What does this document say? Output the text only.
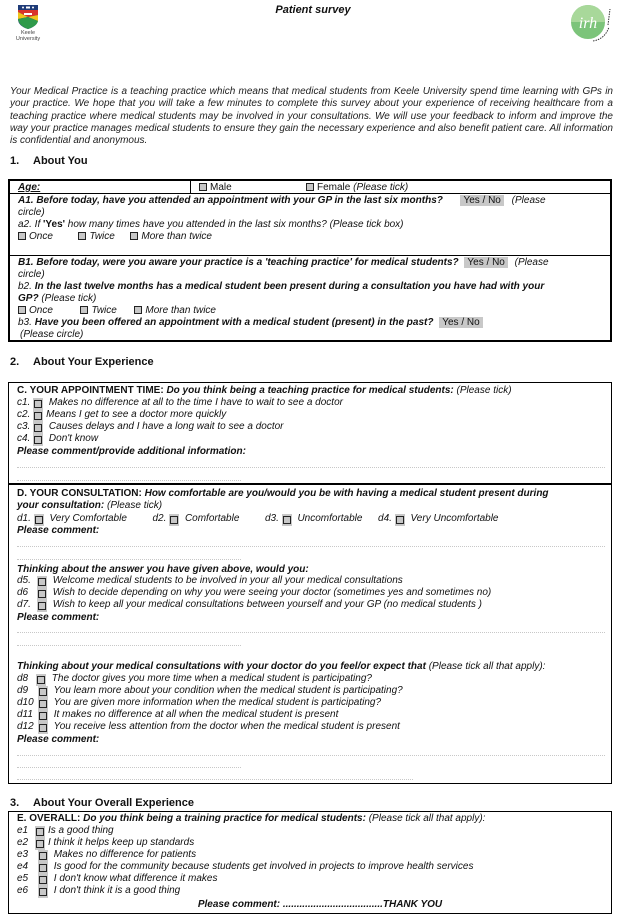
Keele
University
Patient survey
irh
Your Medical Practice is a teaching practice which means that medical students from Keele University spend time learning with GPs in your practice. We hope that you will take a few minutes to complete this survey about your experience of receiving healthcare from a teaching practice where medical students may be involved in your consultations. We will use your feedback to inform and improve the way your practice manages medical students to ensure they gain the necessary experience and also benefit patient care. All information is confidential and anonymous.
1. About You
Age:	Male	Female (Please tick)
A1. Before today, have you attended an appointment with your GP in the last six months? Yes / No (Please
circle)
a2. If 'Yes' how many times have you attended in the last six months? (Please tick box)
Once	Twice	More than twice
B1. Before today, were you aware your practice is a 'teaching practice' for medical students? Yes / No (Please
circle)
b2. In the last twelve months has a medical student been present during a consultation you have had with your
GP? (Please tick)
Once	Twice	More than twice
b3. Have you been offered an appointment with a medical student (present) in the past? Yes / No
(Please circle)
2. About Your Experience
C. YOUR APPOINTMENT TIME: Do you think being a teaching practice for medical students: (Please tick)
c1. Makes no difference at all to the time I have to wait to see a doctor
c2. Means I get to see a doctor more quickly
c3. Causes delays and I have a long wait to see a doctor
c4. Don't know
Please comment/provide additional information:
D. YOUR CONSULTATION: How comfortable are you/would you be with having a medical student present during
your consultation: (Please tick)
d1. Very Comfortable	d2. Comfortable	d3. Uncomfortable d4. Very Uncomfortable
Please comment:
Thinking about the answer you have given above, would you:
d5. Welcome medical students to be involved in your all your medical consultations
d6 Wish to decide depending on why you were seeing your doctor (sometimes yes and sometimes no)
d7. Wish to keep all your medical consultations between yourself and your GP (no medical students )
Please comment:
Thinking about your medical consultations with your doctor do you feel/or expect that (Please tick all that apply):
d8 The doctor gives you more time when a medical student is participating?
d9	You learn more about your condition when the medical student is participating?
d10 You are given more information when the medical student is participating?
d11 It makes no difference at all when the medical student is present
d12 You receive less attention from the doctor when the medical student is present
Please comment:
3. About Your Overall Experience
E. OVERALL: Do you think being a training practice for medical students: (Please tick all that apply):
e1 Is a good thing
e2 I think it helps keep up standards
e3	Makes no difference for patients
e4	Is good for the community because students get involved in projects to improve health services
e5	I don't know what difference it makes
e6	I don't think it is a good thing
Please comment: ....................................THANK YOU
